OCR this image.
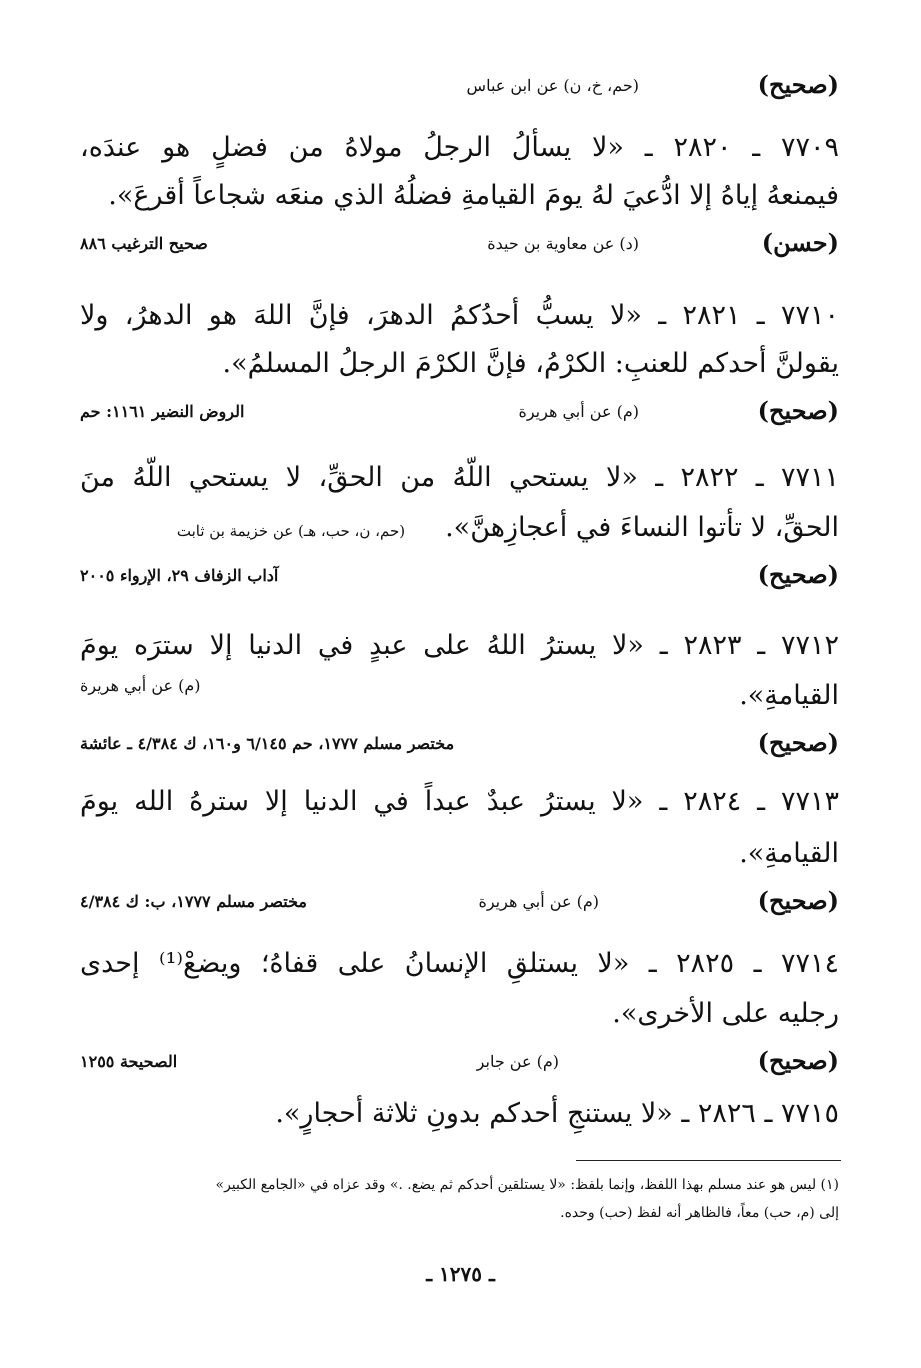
(صحيح)
(حم، خ، ن) عن ابن عباس
٧٧٠٩ ـ ٢٨٢٠ ـ «لا يسألُ الرجلُ مولاهُ من فضلٍ هو عندَه،
فيمنعهُ إياهُ إلا ادُّعيَ لهُ يومَ القيامةِ فضلُهُ الذي منعَه شجاعاً أقرعَ».
(حسن)
(د) عن معاوية بن حيدة
صحيح الترغيب ٨٨٦
٧٧١٠ ـ ٢٨٢١ ـ «لا يسبُّ أحدُكمُ الدهرَ، فإنَّ اللهَ هو الدهرُ، ولا
يقولنَّ أحدكم للعنبِ: الكرْمُ، فإنَّ الكرْمَ الرجلُ المسلمُ».
(صحيح)
(م) عن أبي هريرة
الروض النضير ١١٦١: حم
٧٧١١ ـ ٢٨٢٢ ـ «لا يستحي اللّهُ من الحقِّ، لا يستحي اللّهُ منَ
الحقِّ، لا تأتوا النساءَ في أعجازِهنَّ».(حم، ن، حب، هـ) عن خزيمة بن ثابت
(صحيح)
آداب الزفاف ٢٩، الإرواء ٢٠٠٥
٧٧١٢ ـ ٢٨٢٣ ـ «لا يسترُ اللهُ على عبدٍ في الدنيا إلا سترَه يومَ
القيامةِ».
(م) عن أبي هريرة
(صحيح)
مختصر مسلم ١٧٧٧، حم ٦/١٤٥ و١٦٠، ك ٤/٣٨٤ ـ عائشة
٧٧١٣ ـ ٢٨٢٤ ـ «لا يسترُ عبدٌ عبداً في الدنيا إلا سترهُ الله يومَ
القيامةِ».
(صحيح)
(م) عن أبي هريرة
مختصر مسلم ١٧٧٧، ب: ك ٤/٣٨٤
٧٧١٤ ـ ٢٨٢٥ ـ «لا يستلقِ الإنسانُ على قفاهُ؛ ويضعْ⁽¹⁾ إحدى
رجليه على الأخرى».
(صحيح)
(م) عن جابر
الصحيحة ١٢٥٥
٧٧١٥ ـ ٢٨٢٦ ـ «لا يستنجِ أحدكم بدونِ ثلاثة أحجارٍ».
(١) ليس هو عند مسلم بهذا اللفظ، وإنما بلفظ: «لا يستلقين أحدكم ثم يضع. .» وقد عزاه في «الجامع الكبير»
إلى (م، حب) معاً، فالظاهر أنه لفظ (حب) وحده.
ـ ١٢٧٥ ـ
